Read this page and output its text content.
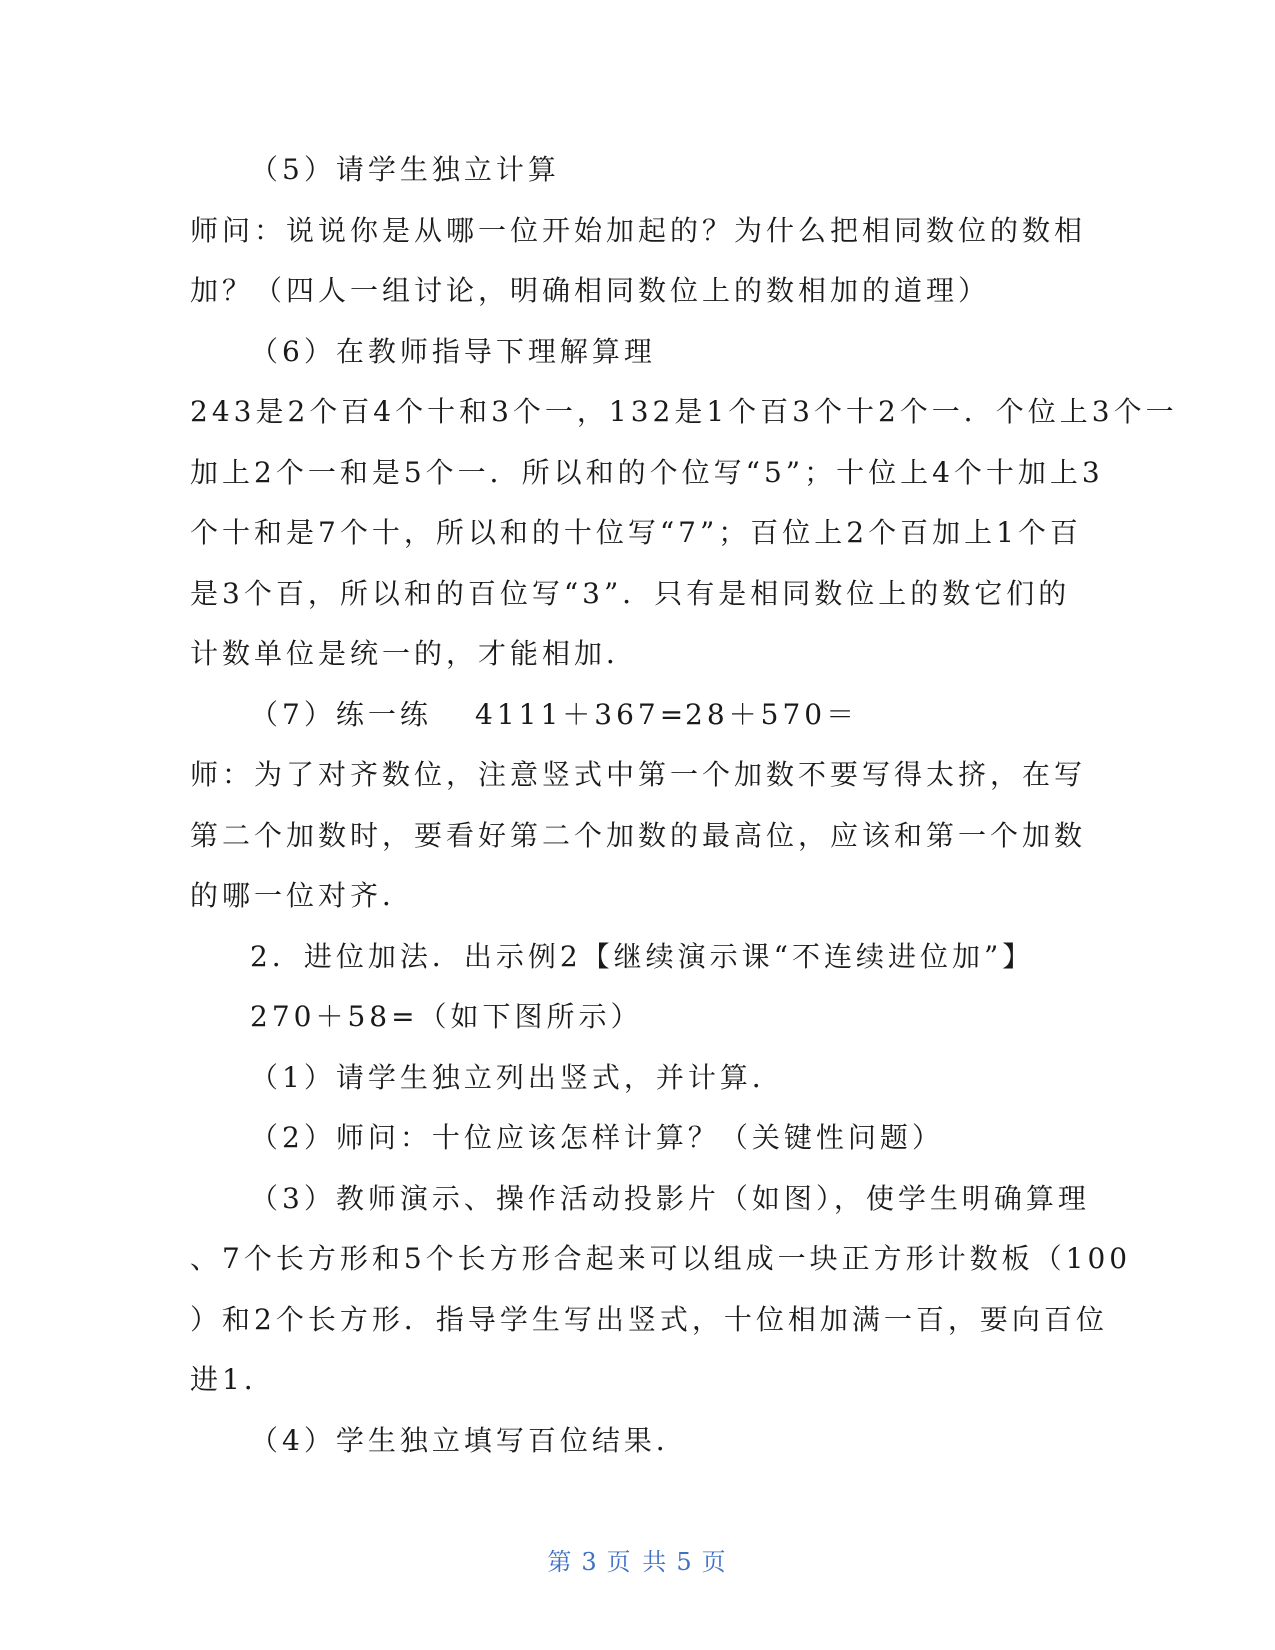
（5）请学生独立计算
师问：说说你是从哪一位开始加起的？为什么把相同数位的数相
加？（四人一组讨论，明确相同数位上的数相加的道理）
（6）在教师指导下理解算理
243是2个百4个十和3个一，132是1个百3个十2个一．个位上3个一
加上2个一和是5个一．所以和的个位写“5”；十位上4个十加上3
个十和是7个十，所以和的十位写“7”；百位上2个百加上1个百
是3个百，所以和的百位写“3”．只有是相同数位上的数它们的
计数单位是统一的，才能相加．
（7）练一练 4111＋367=28＋570＝
师：为了对齐数位，注意竖式中第一个加数不要写得太挤，在写
第二个加数时，要看好第二个加数的最高位，应该和第一个加数
的哪一位对齐．
2．进位加法．出示例2【继续演示课“不连续进位加”】
270＋58=（如下图所示）
（1）请学生独立列出竖式，并计算．
（2）师问：十位应该怎样计算？（关键性问题）
（3）教师演示、操作活动投影片（如图），使学生明确算理
、7个长方形和5个长方形合起来可以组成一块正方形计数板（100
）和2个长方形．指导学生写出竖式，十位相加满一百，要向百位
进1．
（4）学生独立填写百位结果．
第 3 页 共 5 页
